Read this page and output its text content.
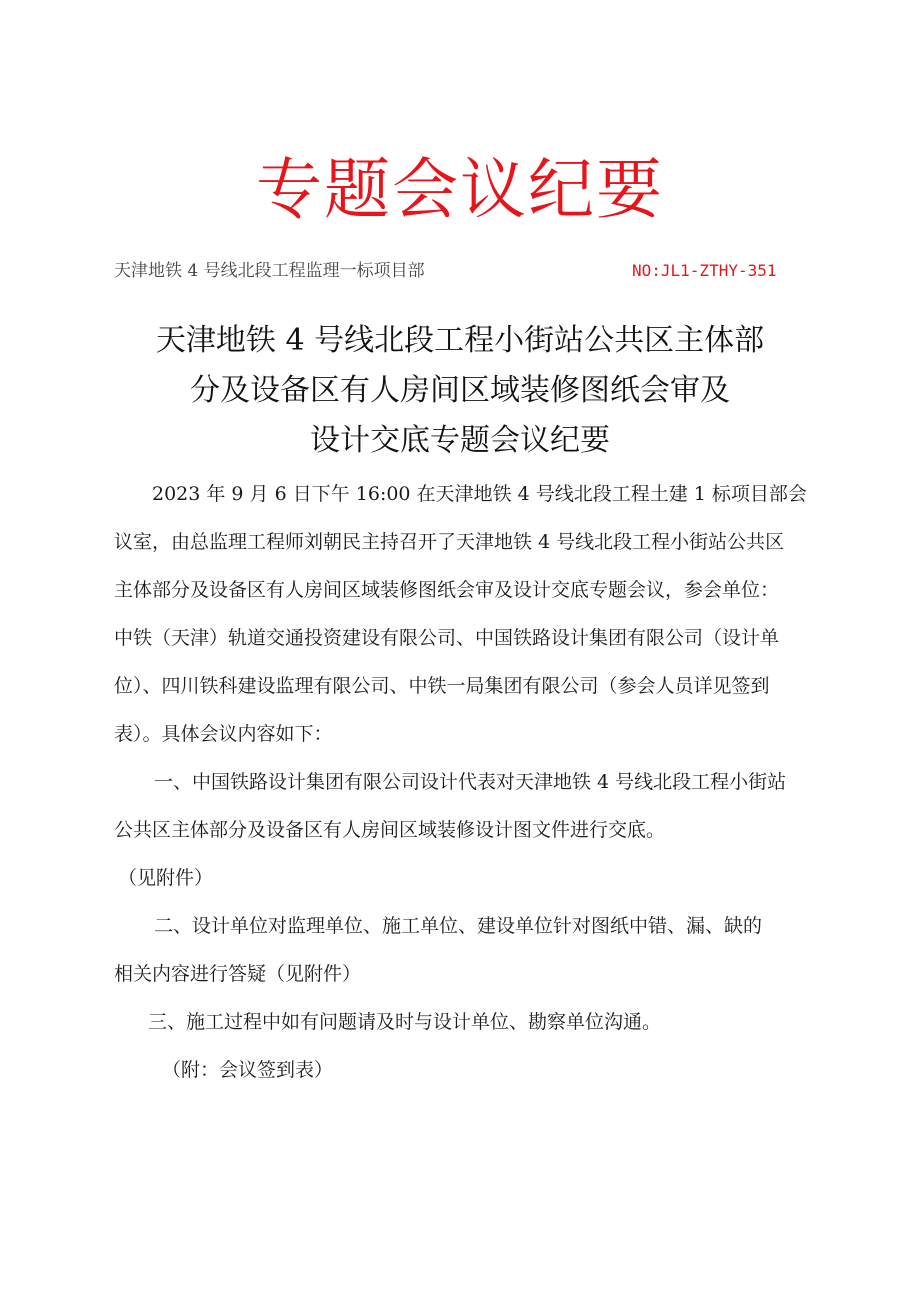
专题会议纪要
天津地铁 4 号线北段工程监理一标项目部	NO:JL1-ZTHY-351
天津地铁 4 号线北段工程小街站公共区主体部
分及设备区有人房间区域装修图纸会审及
设计交底专题会议纪要
2023 年 9 月 6 日下午 16:00 在天津地铁 4 号线北段工程土建 1 标项目部会
议室，由总监理工程师刘朝民主持召开了天津地铁 4 号线北段工程小街站公共区
主体部分及设备区有人房间区域装修图纸会审及设计交底专题会议，参会单位：
中铁（天津）轨道交通投资建设有限公司、中国铁路设计集团有限公司（设计单
位）、四川铁科建设监理有限公司、中铁一局集团有限公司（参会人员详见签到
表）。具体会议内容如下：
一、中国铁路设计集团有限公司设计代表对天津地铁 4 号线北段工程小街站
公共区主体部分及设备区有人房间区域装修设计图文件进行交底。
（见附件）
二、设计单位对监理单位、施工单位、建设单位针对图纸中错、漏、缺的
相关内容进行答疑（见附件）
三、施工过程中如有问题请及时与设计单位、勘察单位沟通。
（附：会议签到表）
